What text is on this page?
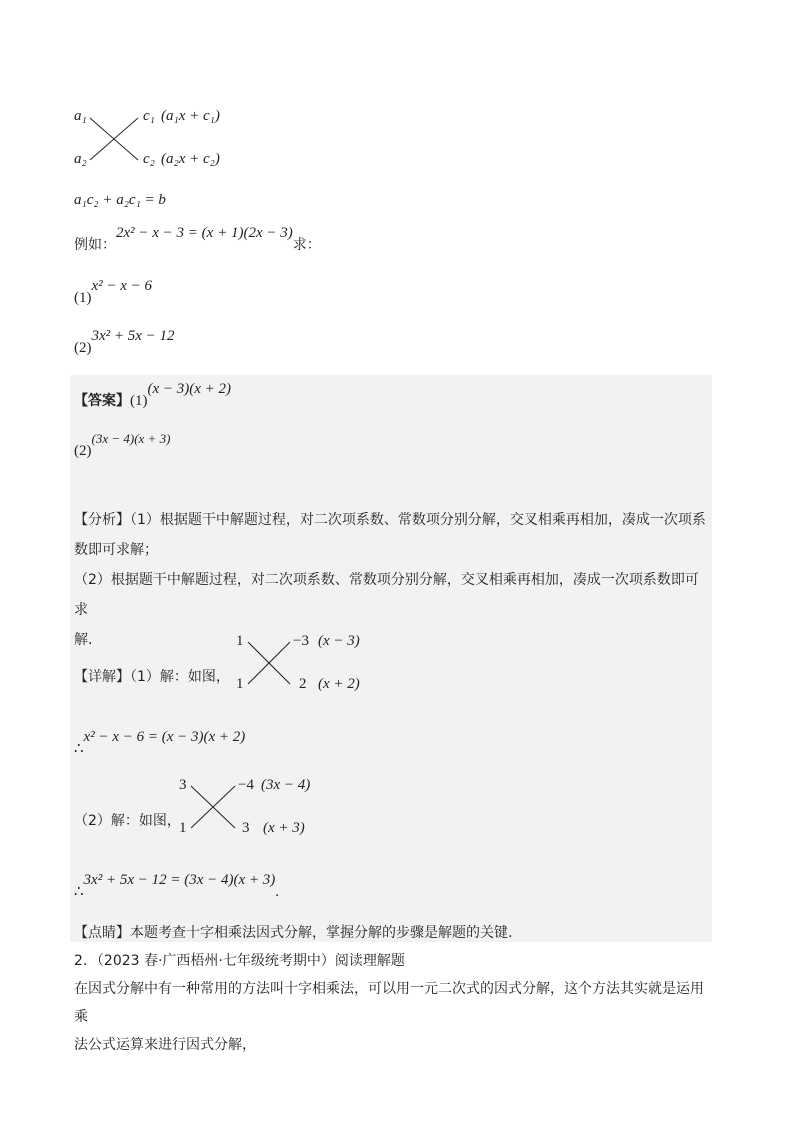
a₁
a₂
c₁
c₂
(a₁x + c₁)
(a₂x + c₂)
a₁c₂ + a₂c₁ = b
例如：2x² − x − 3 = (x + 1)(2x − 3)求：
(1)x² − x − 6
(2)3x² + 5x − 12
【答案】(1)(x − 3)(x + 2)
(2)(3x − 4)(x + 3)
【分析】（1）根据题干中解题过程，对二次项系数、常数项分别分解，交叉相乘再相加，凑成一次项系
数即可求解；
（2）根据题干中解题过程，对二次项系数、常数项分别分解，交叉相乘再相加，凑成一次项系数即可求
解.
【详解】（1）解：如图，
1
1
−3
2
(x − 3)
(x + 2)
∴x² − x − 6 = (x − 3)(x + 2)
（2）解：如图，
3
1
−4
3
(3x − 4)
(x + 3)
∴3x² + 5x − 12 = (3x − 4)(x + 3).
【点睛】本题考查十字相乘法因式分解，掌握分解的步骤是解题的关键.
2．（2023 春·广西梧州·七年级统考期中）阅读理解题
在因式分解中有一种常用的方法叫十字相乘法，可以用一元二次式的因式分解，这个方法其实就是运用乘
法公式运算来进行因式分解，
